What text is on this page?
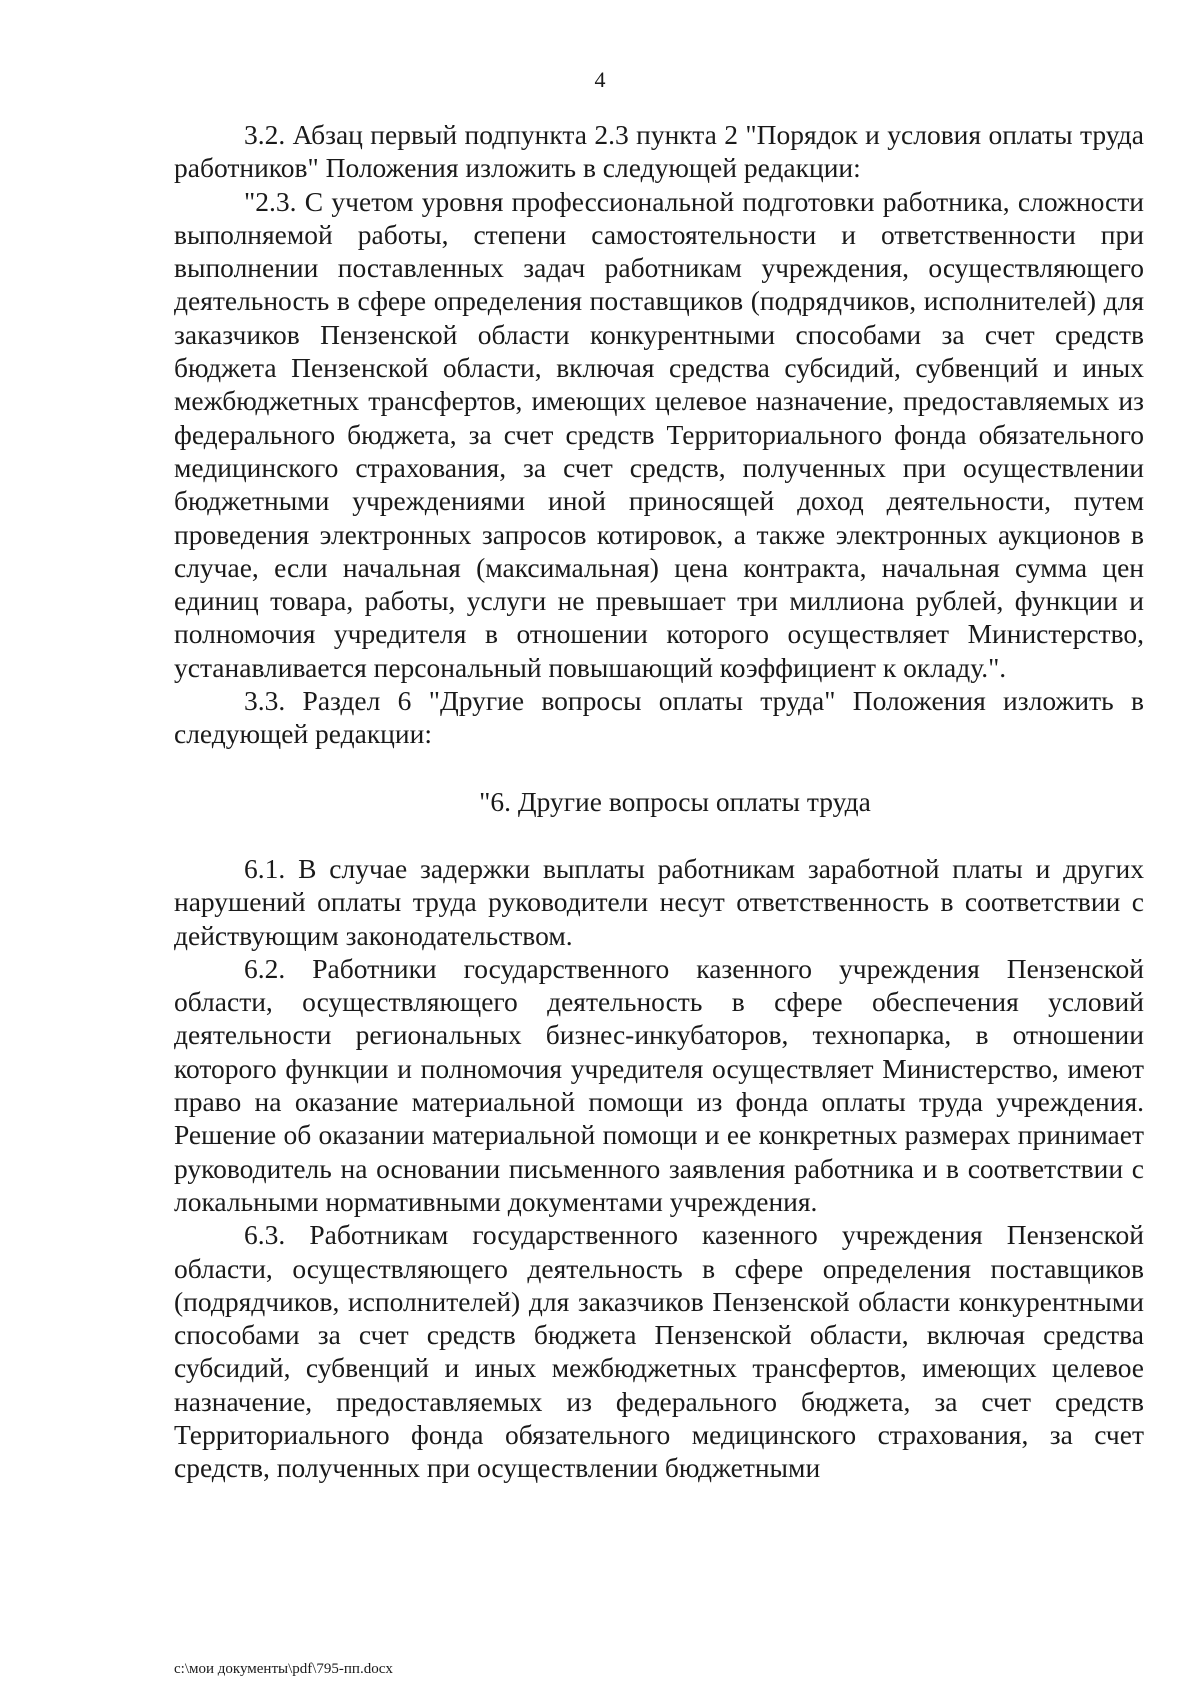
4

3.2. Абзац первый подпункта 2.3 пункта 2 "Порядок и условия оплаты труда работников" Положения изложить в следующей редакции:

"2.3. С учетом уровня профессиональной подготовки работника, сложности выполняемой работы, степени самостоятельности и ответственности при выполнении поставленных задач работникам учреждения, осуществляющего деятельность в сфере определения поставщиков (подрядчиков, исполнителей) для заказчиков Пензенской области конкурентными способами за счет средств бюджета Пензенской области, включая средства субсидий, субвенций и иных межбюджетных трансфертов, имеющих целевое назначение, предоставляемых из федерального бюджета, за счет средств Территориального фонда обязательного медицинского страхования, за счет средств, полученных при осуществлении бюджетными учреждениями иной приносящей доход деятельности, путем проведения электронных запросов котировок, а также электронных аукционов в случае, если начальная (максимальная) цена контракта, начальная сумма цен единиц товара, работы, услуги не превышает три миллиона рублей, функции и полномочия учредителя в отношении которого осуществляет Министерство, устанавливается персональный повышающий коэффициент к окладу.".

3.3. Раздел 6 "Другие вопросы оплаты труда" Положения изложить в следующей редакции:

"6. Другие вопросы оплаты труда

6.1. В случае задержки выплаты работникам заработной платы и других нарушений оплаты труда руководители несут ответственность в соответствии с действующим законодательством.

6.2. Работники государственного казенного учреждения Пензенской области, осуществляющего деятельность в сфере обеспечения условий деятельности региональных бизнес-инкубаторов, технопарка, в отношении которого функции и полномочия учредителя осуществляет Министерство, имеют право на оказание материальной помощи из фонда оплаты труда учреждения. Решение об оказании материальной помощи и ее конкретных размерах принимает руководитель на основании письменного заявления работника и в соответствии с локальными нормативными документами учреждения.

6.3. Работникам государственного казенного учреждения Пензенской области, осуществляющего деятельность в сфере определения поставщиков (подрядчиков, исполнителей) для заказчиков Пензенской области конкурентными способами за счет средств бюджета Пензенской области, включая средства субсидий, субвенций и иных межбюджетных трансфертов, имеющих целевое назначение, предоставляемых из федерального бюджета, за счет средств Территориального фонда обязательного медицинского страхования, за счет средств, полученных при осуществлении бюджетными

c:\мои документы\pdf\795-пп.docx
